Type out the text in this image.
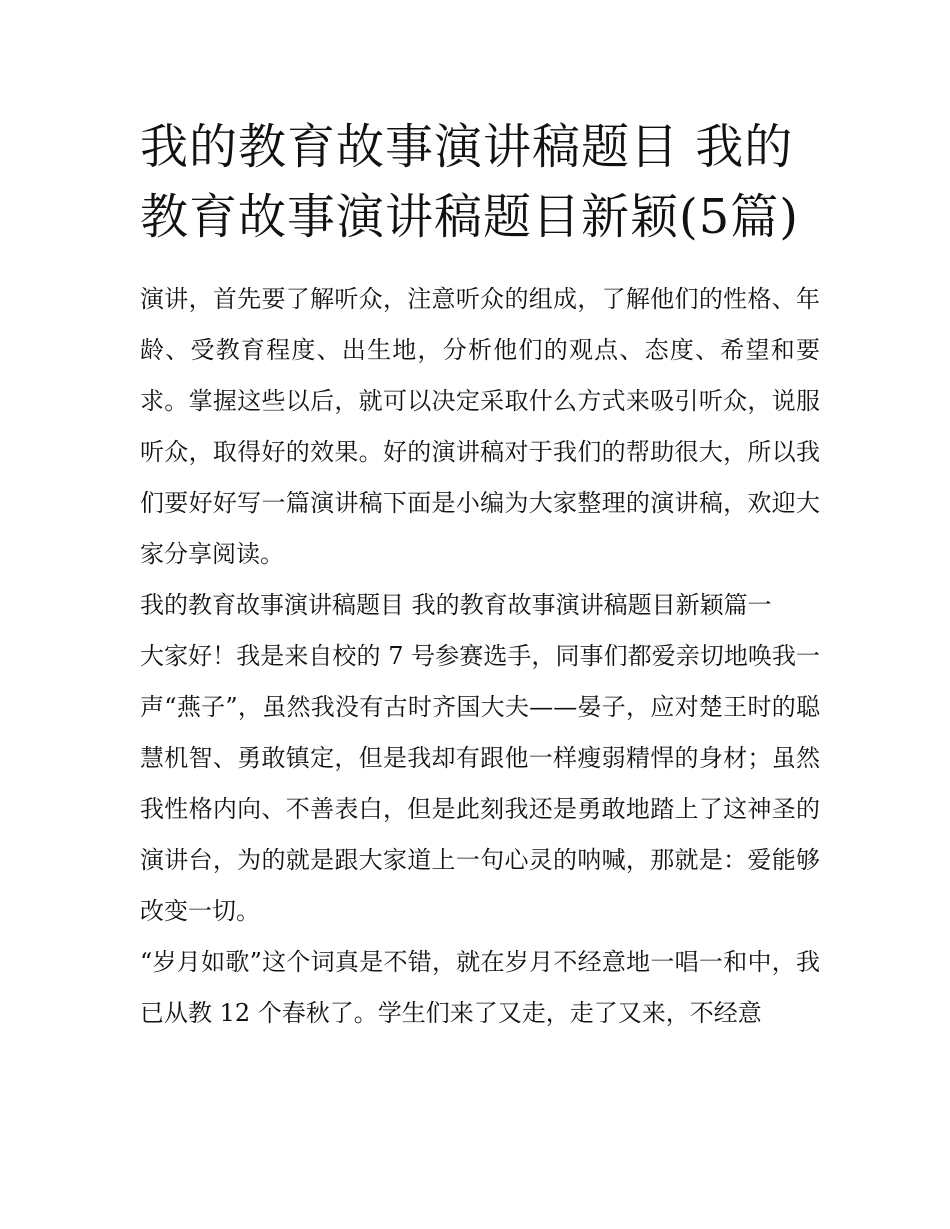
我的教育故事演讲稿题目 我的教育故事演讲稿题目新颖(5篇)

演讲，首先要了解听众，注意听众的组成，了解他们的性格、年龄、受教育程度、出生地，分析他们的观点、态度、希望和要求。掌握这些以后，就可以决定采取什么方式来吸引听众，说服听众，取得好的效果。好的演讲稿对于我们的帮助很大，所以我们要好好写一篇演讲稿下面是小编为大家整理的演讲稿，欢迎大家分享阅读。

我的教育故事演讲稿题目 我的教育故事演讲稿题目新颖篇一

大家好！我是来自校的 7 号参赛选手，同事们都爱亲切地唤我一声“燕子”，虽然我没有古时齐国大夫——晏子，应对楚王时的聪慧机智、勇敢镇定，但是我却有跟他一样瘦弱精悍的身材；虽然我性格内向、不善表白，但是此刻我还是勇敢地踏上了这神圣的演讲台，为的就是跟大家道上一句心灵的呐喊，那就是：爱能够改变一切。

“岁月如歌”这个词真是不错，就在岁月不经意地一唱一和中，我已从教 12 个春秋了。学生们来了又走，走了又来，不经意
